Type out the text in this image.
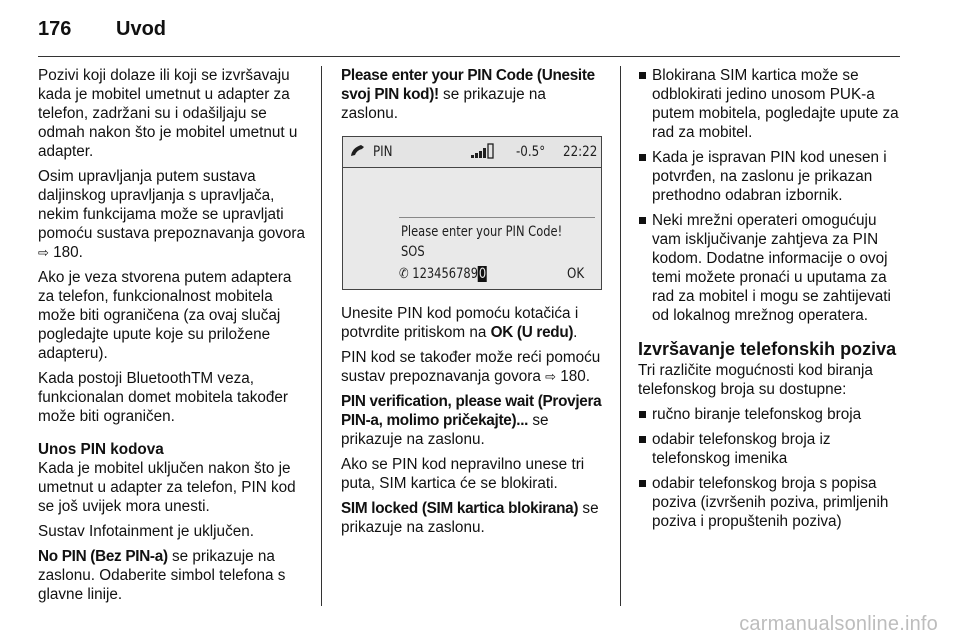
176	Uvod

Pozivi koji dolaze ili koji se izvršavaju kada je mobitel umetnut u adapter za telefon, zadržani su i odašiljaju se odmah nakon što je mobitel umetnut u adapter.

Osim upravljanja putem sustava daljinskog upravljanja s upravljača, nekim funkcijama može se upravljati pomoću sustava prepoznavanja govora ⇨ 180.

Ako je veza stvorena putem adaptera za telefon, funkcionalnost mobitela može biti ograničena (za ovaj slučaj pogledajte upute koje su priložene adapteru).

Kada postoji BluetoothTM veza, funkcionalan domet mobitela također može biti ograničen.

Unos PIN kodova

Kada je mobitel uključen nakon što je umetnut u adapter za telefon, PIN kod se još uvijek mora unesti.

Sustav Infotainment je uključen.

No PIN (Bez PIN-a) se prikazuje na zaslonu. Odaberite simbol telefona s glavne linije.

Please enter your PIN Code (Unesite svoj PIN kod)! se prikazuje na zaslonu.

PIN	-0.5° 22:22
Please enter your PIN Code!
SOS
✆ 1234567890	OK

Unesite PIN kod pomoću kotačića i potvrdite pritiskom na OK (U redu).

PIN kod se također može reći pomoću sustav prepoznavanja govora ⇨ 180.

PIN verification, please wait (Provjera PIN-a, molimo pričekajte)... se prikazuje na zaslonu.

Ako se PIN kod nepravilno unese tri puta, SIM kartica će se blokirati.

SIM locked (SIM kartica blokirana) se prikazuje na zaslonu.

Blokirana SIM kartica može se odblokirati jedino unosom PUK-a putem mobitela, pogledajte upute za rad za mobitel.
Kada je ispravan PIN kod unesen i potvrđen, na zaslonu je prikazan prethodno odabran izbornik.
Neki mrežni operateri omogućuju vam isključivanje zahtjeva za PIN kodom. Dodatne informacije o ovoj temi možete pronaći u uputama za rad za mobitel i mogu se zahtijevati od lokalnog mrežnog operatera.
Izvršavanje telefonskih poziva

Tri različite mogućnosti kod biranja telefonskog broja su dostupne:

ručno biranje telefonskog broja
odabir telefonskog broja iz telefonskog imenika
odabir telefonskog broja s popisa poziva (izvršenih poziva, primljenih poziva i propuštenih poziva)
carmanualsonline.info
